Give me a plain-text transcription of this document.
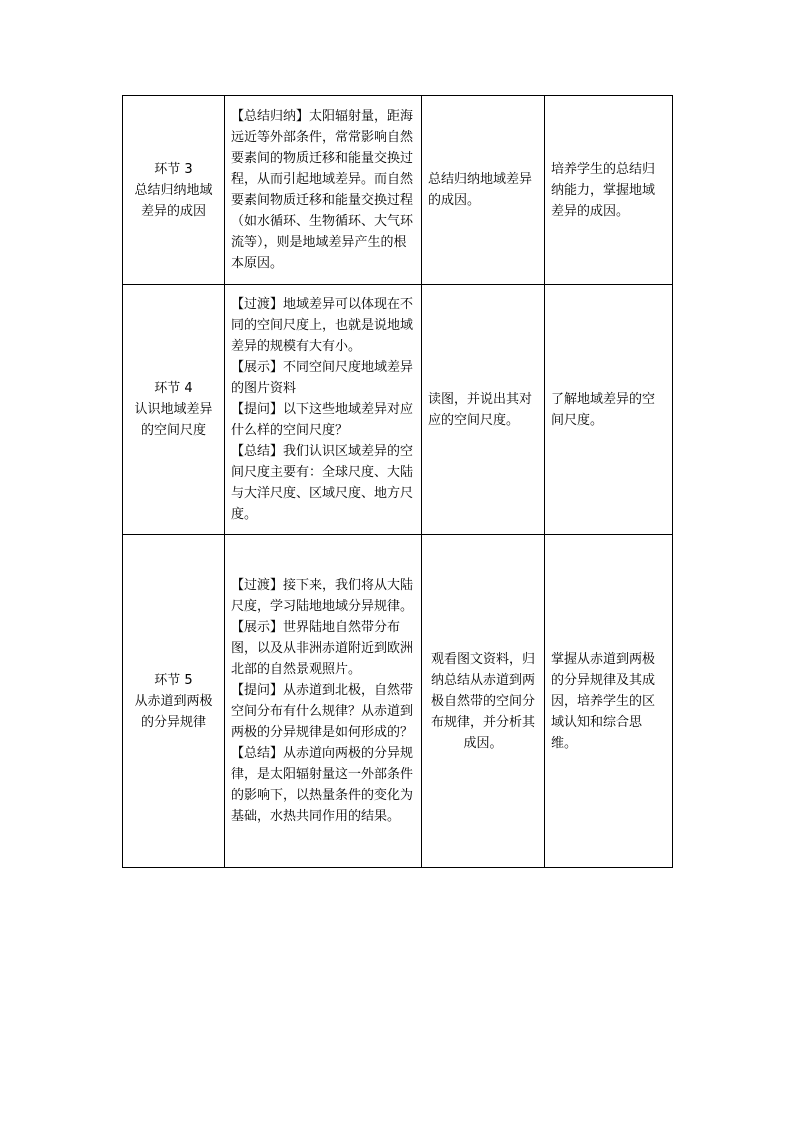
环节 3
总结归纳地域
差异的成因	【总结归纳】太阳辐射量，距海远近等外部条件，常常影响自然要素间的物质迁移和能量交换过程，从而引起地域差异。而自然要素间物质迁移和能量交换过程（如水循环、生物循环、大气环流等），则是地域差异产生的根本原因。	总结归纳地域差异的成因。	培养学生的总结归纳能力，掌握地域差异的成因。

环节 4
认识地域差异
的空间尺度	【过渡】地域差异可以体现在不同的空间尺度上，也就是说地域差异的规模有大有小。
【展示】不同空间尺度地域差异的图片资料
【提问】以下这些地域差异对应什么样的空间尺度？
【总结】我们认识区域差异的空间尺度主要有：全球尺度、大陆与大洋尺度、区域尺度、地方尺度。	读图，并说出其对应的空间尺度。	了解地域差异的空间尺度。

环节 5
从赤道到两极
的分异规律	【过渡】接下来，我们将从大陆尺度，学习陆地地域分异规律。
【展示】世界陆地自然带分布图，以及从非洲赤道附近到欧洲北部的自然景观照片。
【提问】从赤道到北极，自然带空间分布有什么规律？从赤道到两极的分异规律是如何形成的？
【总结】从赤道向两极的分异规律，是太阳辐射量这一外部条件的影响下，以热量条件的变化为基础，水热共同作用的结果。	观看图文资料，归纳总结从赤道到两极自然带的空间分布规律，并分析其成因。	掌握从赤道到两极的分异规律及其成因，培养学生的区域认知和综合思维。
